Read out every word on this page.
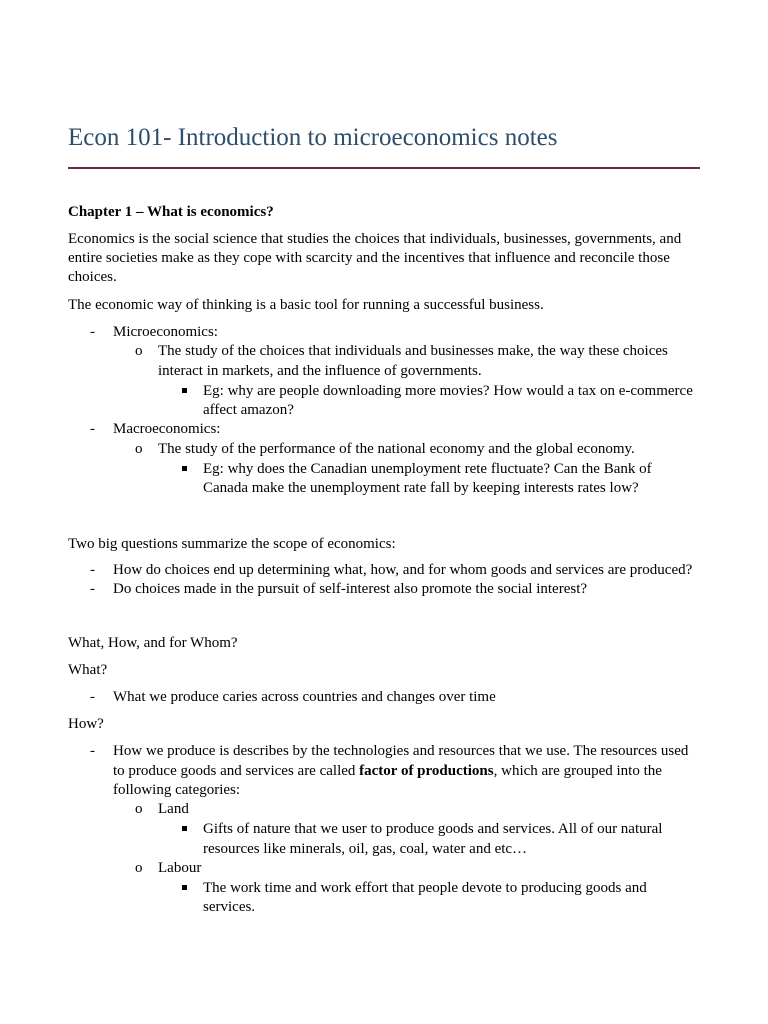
Econ 101- Introduction to microeconomics notes

Chapter 1 – What is economics?

Economics is the social science that studies the choices that individuals, businesses, governments, and

entire societies make as they cope with scarcity and the incentives that influence and reconcile those

choices.

The economic way of thinking is a basic tool for running a successful business.

- Microeconomics:

o The study of the choices that individuals and businesses make, the way these choices

interact in markets, and the influence of governments.

Eg: why are people downloading more movies? How would a tax on e-commerce

affect amazon?

- Macroeconomics:

o The study of the performance of the national economy and the global economy.

Eg: why does the Canadian unemployment rete fluctuate? Can the Bank of

Canada make the unemployment rate fall by keeping interests rates low?

Two big questions summarize the scope of economics:

- How do choices end up determining what, how, and for whom goods and services are produced?

- Do choices made in the pursuit of self-interest also promote the social interest?

What, How, and for Whom?

What?

- What we produce caries across countries and changes over time

How?

- How we produce is describes by the technologies and resources that we use. The resources used

to produce goods and services are called factor of productions, which are grouped into the

following categories:

o Land

Gifts of nature that we user to produce goods and services. All of our natural

resources like minerals, oil, gas, coal, water and etc…

o Labour

The work time and work effort that people devote to producing goods and

services.
